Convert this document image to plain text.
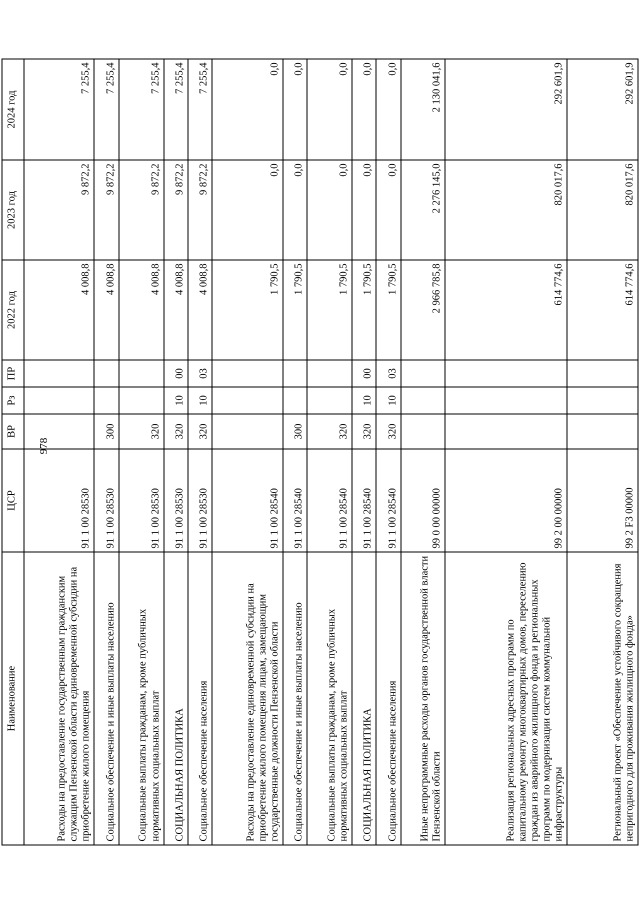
978
Наименование	ЦСР	ВР	Рз	ПР	2022 год	2023 год	2024 год
Расходы на предоставление государственным гражданским служащим Пензенской области единовременной субсидии на приобретение жилого помещения	91 1 00 28530				4 008,8	9 872,2	7 255,4
Социальное обеспечение и иные выплаты населению	91 1 00 28530	300			4 008,8	9 872,2	7 255,4
Социальные выплаты гражданам, кроме публичных нормативных социальных выплат	91 1 00 28530	320			4 008,8	9 872,2	7 255,4
СОЦИАЛЬНАЯ ПОЛИТИКА	91 1 00 28530	320	10	00	4 008,8	9 872,2	7 255,4
Социальное обеспечение населения	91 1 00 28530	320	10	03	4 008,8	9 872,2	7 255,4
Расходы на предоставление единовременной субсидии на приобретение жилого помещения лицам, замещающим государственные должности Пензенской области	91 1 00 28540				1 790,5	0,0	0,0
Социальное обеспечение и иные выплаты населению	91 1 00 28540	300			1 790,5	0,0	0,0
Социальные выплаты гражданам, кроме публичных нормативных социальных выплат	91 1 00 28540	320			1 790,5	0,0	0,0
СОЦИАЛЬНАЯ ПОЛИТИКА	91 1 00 28540	320	10	00	1 790,5	0,0	0,0
Социальное обеспечение населения	91 1 00 28540	320	10	03	1 790,5	0,0	0,0
Иные непрограммные расходы органов государственной власти Пензенской области	99 0 00 00000				2 966 785,8	2 276 145,0	2 130 041,6
Реализация региональных адресных программ по капитальному ремонту многоквартирных домов, переселению граждан из аварийного жилищного фонда и региональных программ по модернизации систем коммунальной инфраструктуры	99 2 00 00000				614 774,6	820 017,6	292 601,9
Региональный проект «Обеспечение устойчивого сокращения непригодного для проживания жилищного фонда»	99 2 F3 00000				614 774,6	820 017,6	292 601,9
